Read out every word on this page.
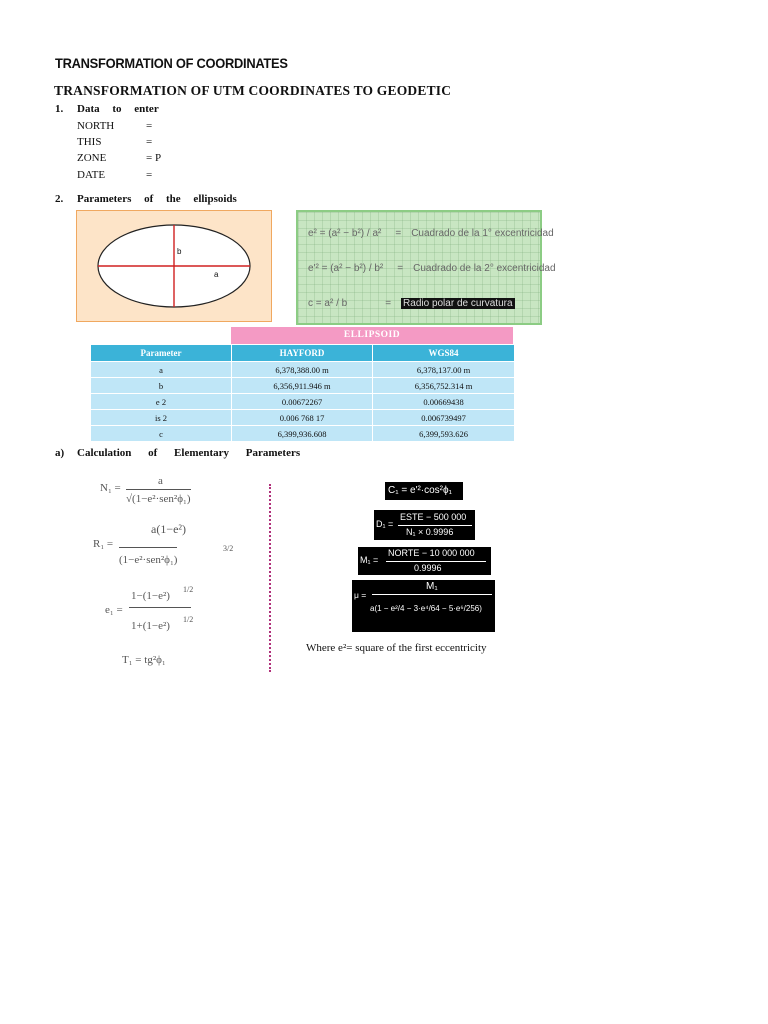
TRANSFORMATION OF COORDINATES
TRANSFORMATION OF UTM COORDINATES TO GEODETIC
1. Data to enter
NORTH	=
THIS	=
ZONE	= P
DATE	=
2. Parameters of the ellipsoids
b
a
e² = (a² − b²) / a² = Cuadrado de la 1° excentricidad
e'² = (a² − b²) / b² = Cuadrado de la 2° excentricidad
c = a² / b	= Radio polar de curvatura
ELLIPSOID
Parameter	HAYFORD	WGS84
a	6,378,388.00 m	6,378,137.00 m
b	6,356,911.946 m	6,356,752.314 m
e 2	0.00672267	0.00669438
is 2	0.006 768 17	0.006739497
c	6,399,936.608	6,399,593.626
a) Calculation of Elementary Parameters
N₁ =
a
√(1−e²·sen²ϕ₁)
R₁ =
a(1−e²)
(1−e²·sen²ϕ₁)
3/2
e₁ =
1−(1−e²)
1/2
1+(1−e²)
1/2
T₁ = tg²ϕ₁
C₁ = e'²·cos²ϕ₁
D₁ =
ESTE − 500 000
N₁ × 0.9996
M₁ =
NORTE − 10 000 000
0.9996
μ =
M₁
a(1 − e²/4 − 3·e⁴/64 − 5·e⁶/256)
Where e²= square of the first eccentricity
